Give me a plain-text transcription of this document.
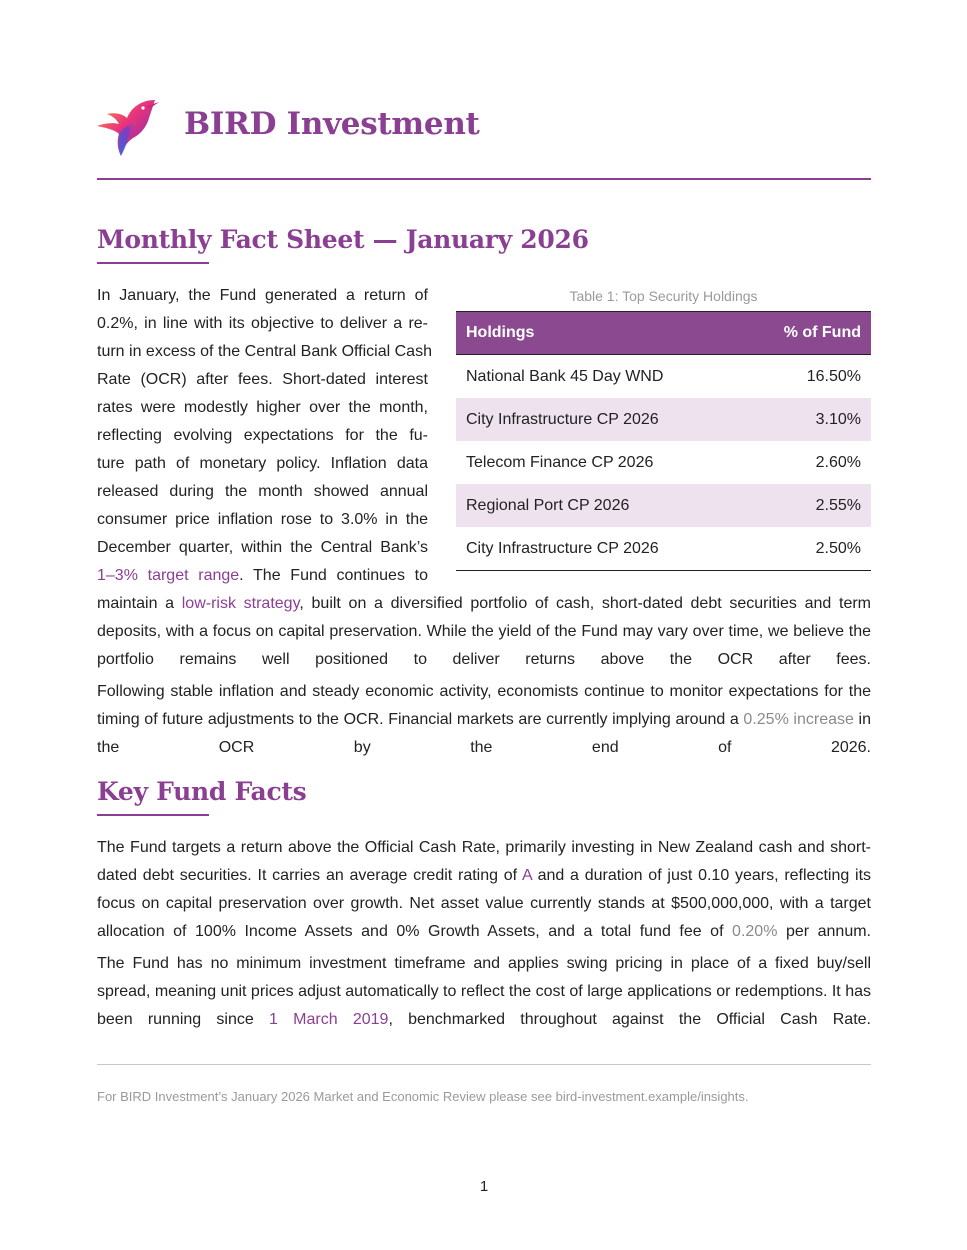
BIRD Investment
Monthly Fact Sheet — January 2026
In January, the Fund generated a return of
0.2%, in line with its objective to deliver a re-
turn in excess of the Central Bank Official Cash
Rate (OCR) after fees. Short-dated interest
rates were modestly higher over the month,
reflecting evolving expectations for the fu-
ture path of monetary policy. Inflation data
released during the month showed annual
consumer price inflation rose to 3.0% in the
December quarter, within the Central Bank’s
1–3% target range. The Fund continues to
Table 1: Top Security Holdings
Holdings	% of Fund
National Bank 45 Day WND	16.50%
City Infrastructure CP 2026	3.10%
Telecom Finance CP 2026	2.60%
Regional Port CP 2026	2.55%
City Infrastructure CP 2026	2.50%

maintain a low-risk strategy, built on a diversified portfolio of cash, short-dated debt securities and term deposits, with a focus on capital preservation. While the yield of the Fund may vary over time, we believe the portfolio remains well positioned to deliver returns above the OCR after fees.

Following stable inflation and steady economic activity, economists continue to monitor expectations for the timing of future adjustments to the OCR. Financial markets are currently implying around a 0.25% increase in the OCR by the end of 2026.

Key Fund Facts

The Fund targets a return above the Official Cash Rate, primarily investing in New Zealand cash and short-dated debt securities. It carries an average credit rating of A and a duration of just 0.10 years, reflecting its focus on capital preservation over growth. Net asset value currently stands at $500,000,000, with a target allocation of 100% Income Assets and 0% Growth Assets, and a total fund fee of 0.20% per annum.

The Fund has no minimum investment timeframe and applies swing pricing in place of a fixed buy/sell spread, meaning unit prices adjust automatically to reflect the cost of large applications or redemptions. It has been running since 1 March 2019, benchmarked throughout against the Official Cash Rate.

For BIRD Investment’s January 2026 Market and Economic Review please see bird-investment.example/insights.
1
